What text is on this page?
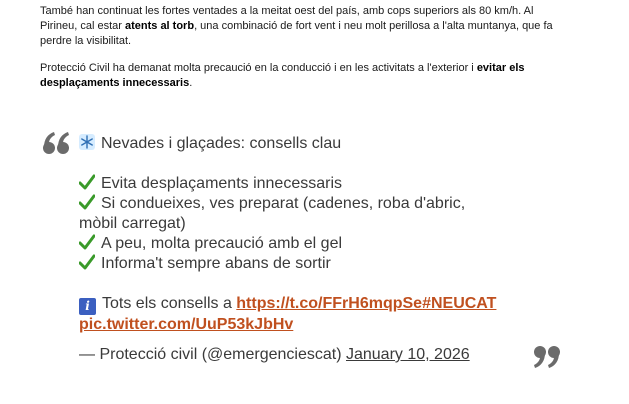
També han continuat les fortes ventades a la meitat oest del país, amb cops superiors als 80 km/h. Al Pirineu, cal estar atents al torb, una combinació de fort vent i neu molt perillosa a l'alta muntanya, que fa perdre la visibilitat.

Protecció Civil ha demanat molta precaució en la conducció i en les activitats a l'exterior i evitar els desplaçaments innecessaris.

Nevades i glaçades: consells clau
Evita desplaçaments innecessaris
Si condueixes, ves preparat (cadenes, roba d'abric,
mòbil carregat)
A peu, molta precaució amb el gel
Informa't sempre abans de sortir
i Tots els consells a https://t.co/FFrH6mqpSe#NEUCAT
pic.twitter.com/UuP53kJbHv
— Protecció civil (@emergenciescat) January 10, 2026
